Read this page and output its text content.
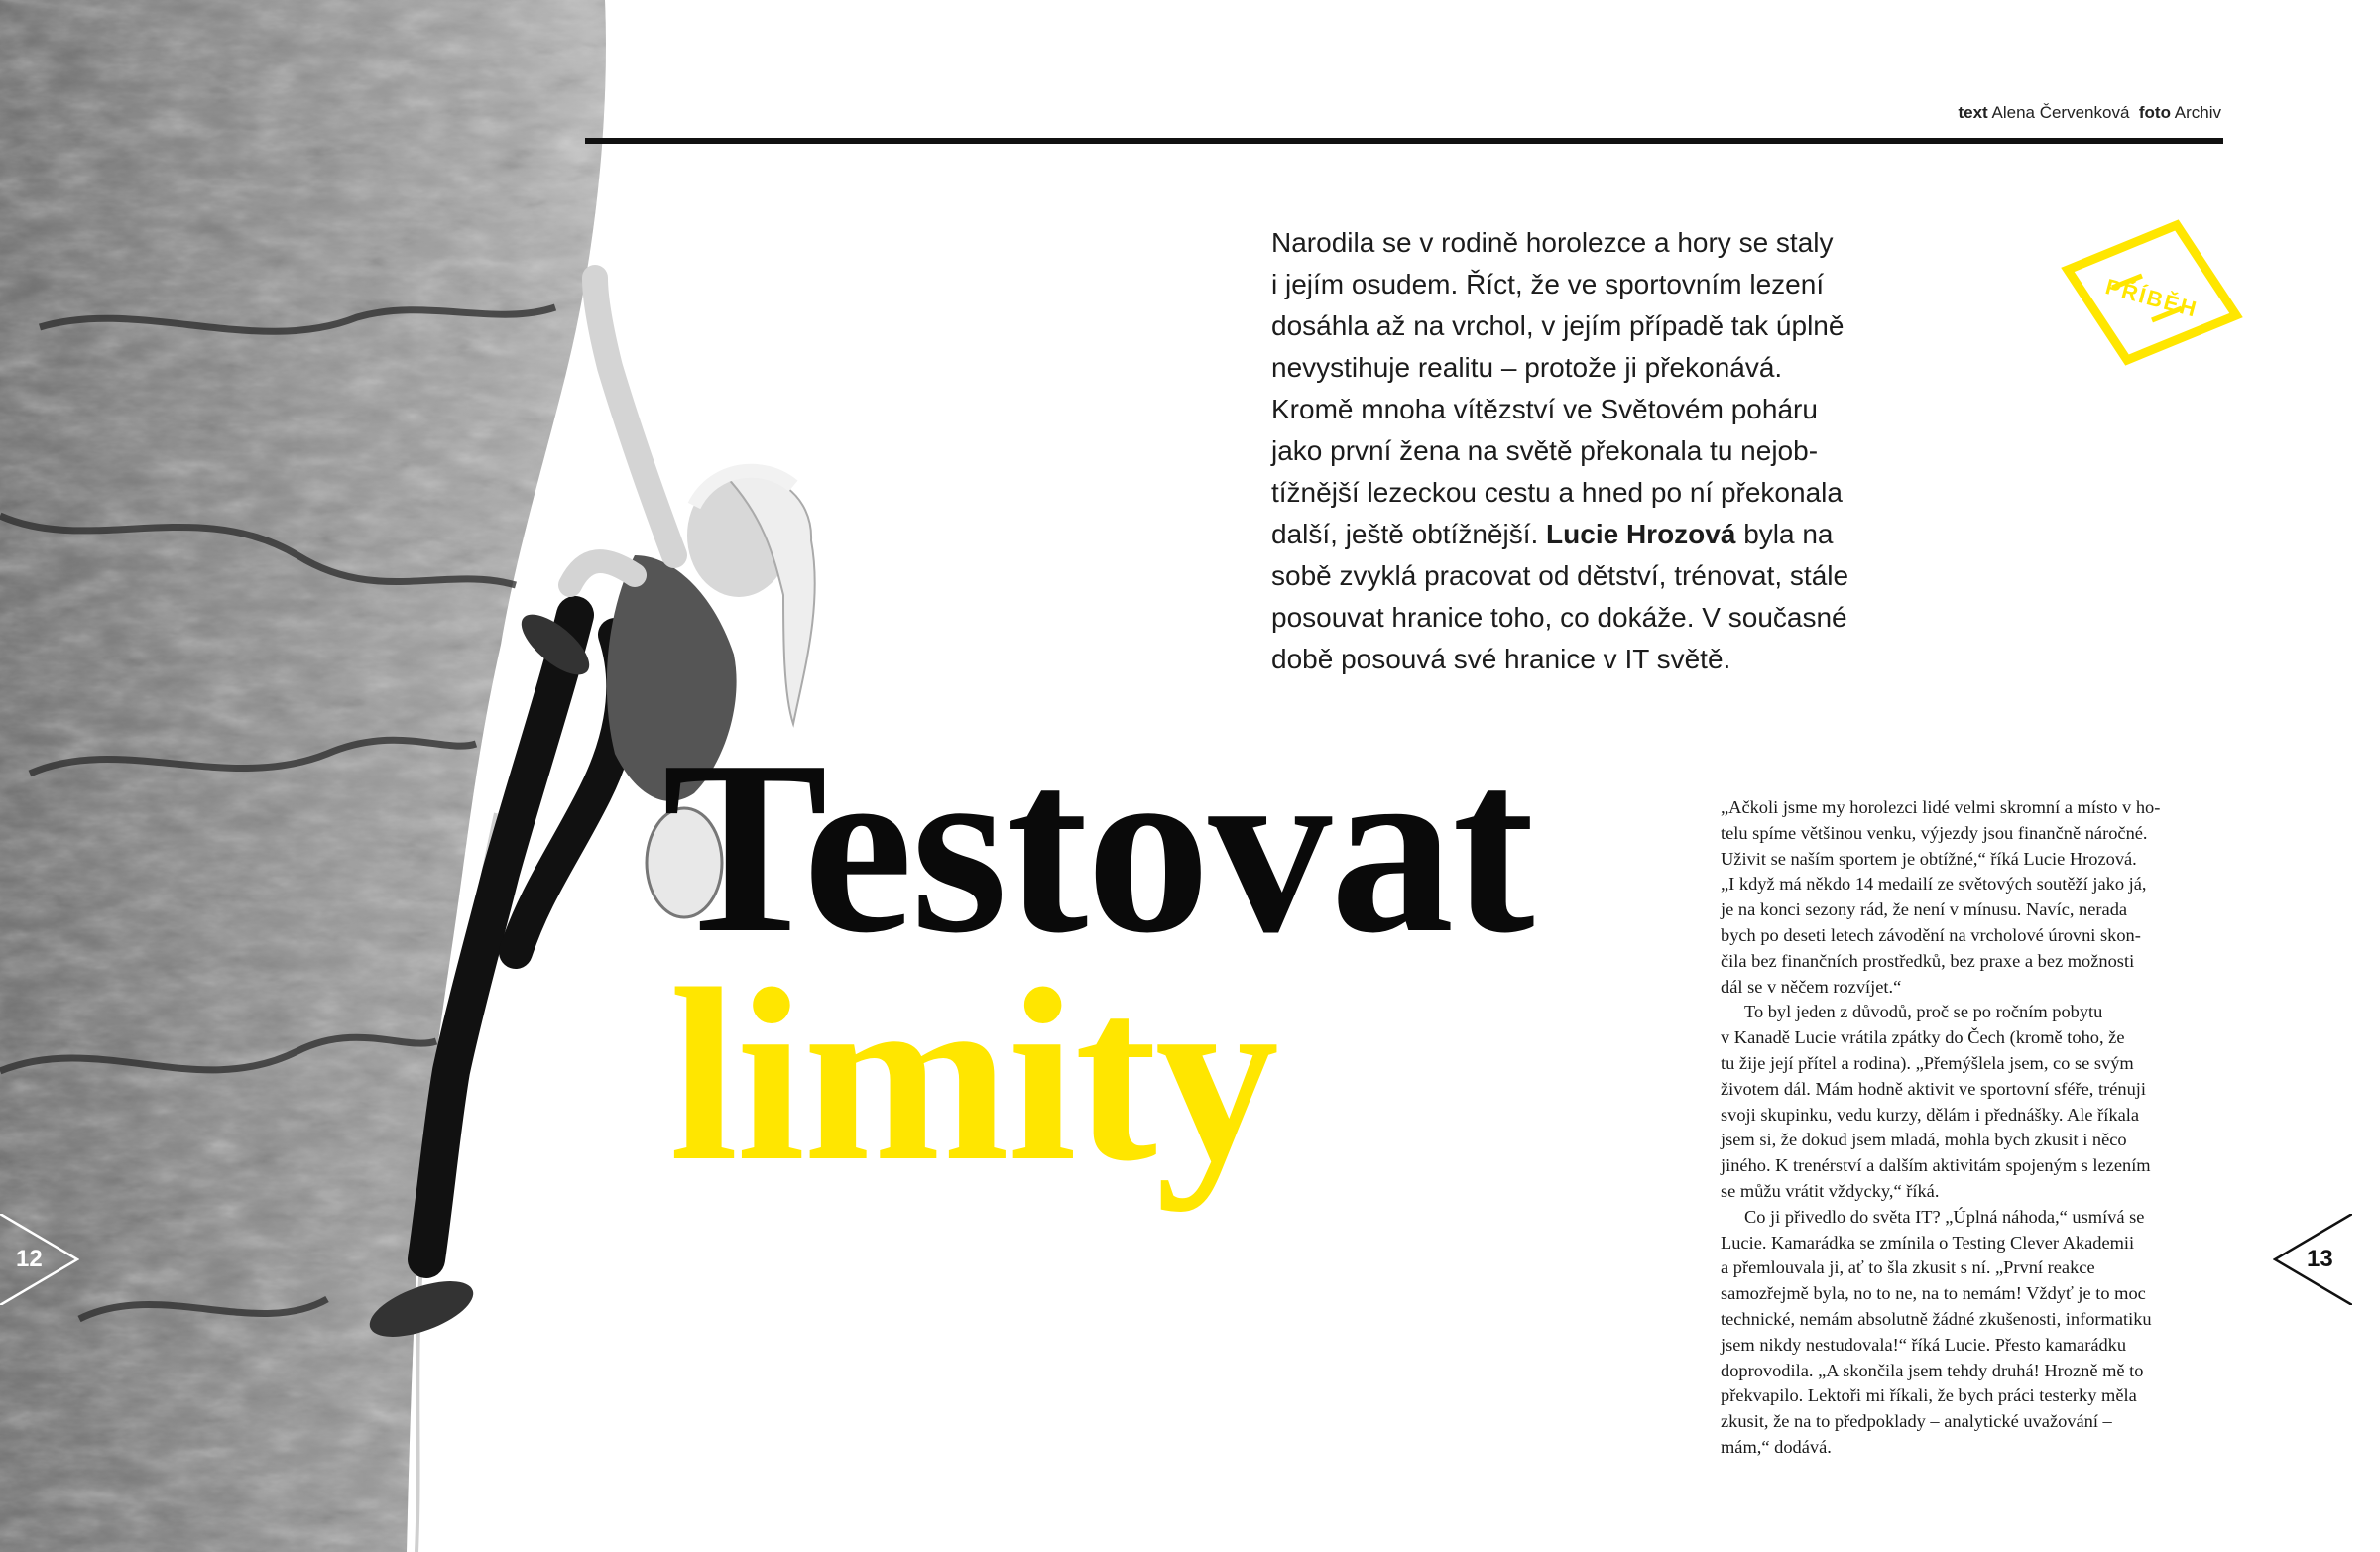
text Alena Červenková foto Archiv
Narodila se v rodině horolezce a hory se staly
i jejím osudem. Říct, že ve sportovním lezení
dosáhla až na vrchol, v jejím případě tak úplně
nevystihuje realitu – protože ji překonává.
Kromě mnoha vítězství ve Světovém poháru
jako první žena na světě překonala tu nejob-
tížnější lezeckou cestu a hned po ní překonala
další, ještě obtížnější. Lucie Hrozová byla na
sobě zvyklá pracovat od dětství, trénovat, stále
posouvat hranice toho, co dokáže. V současné
době posouvá své hranice v IT světě.
PŘÍBĚH
Testovat
limity
„Ačkoli jsme my horolezci lidé velmi skromní a místo v ho-
telu spíme většinou venku, výjezdy jsou finančně náročné.
Uživit se naším sportem je obtížné,“ říká Lucie Hrozová.
„I když má někdo 14 medailí ze světových soutěží jako já,
je na konci sezony rád, že není v mínusu. Navíc, nerada
bych po deseti letech závodění na vrcholové úrovni skon-
čila bez finančních prostředků, bez praxe a bez možnosti
dál se v něčem rozvíjet.“
To byl jeden z důvodů, proč se po ročním pobytu
v Kanadě Lucie vrátila zpátky do Čech (kromě toho, že
tu žije její přítel a rodina). „Přemýšlela jsem, co se svým
životem dál. Mám hodně aktivit ve sportovní sféře, trénuji
svoji skupinku, vedu kurzy, dělám i přednášky. Ale říkala
jsem si, že dokud jsem mladá, mohla bych zkusit i něco
jiného. K trenérství a dalším aktivitám spojeným s lezením
se můžu vrátit vždycky,“ říká.
Co ji přivedlo do světa IT? „Úplná náhoda,“ usmívá se
Lucie. Kamarádka se zmínila o Testing Clever Akademii
a přemlouvala ji, ať to šla zkusit s ní. „První reakce
samozřejmě byla, no to ne, na to nemám! Vždyť je to moc
technické, nemám absolutně žádné zkušenosti, informatiku
jsem nikdy nestudovala!“ říká Lucie. Přesto kamarádku
doprovodila. „A skončila jsem tehdy druhá! Hrozně mě to
překvapilo. Lektoři mi říkali, že bych práci testerky měla
zkusit, že na to předpoklady – analytické uvažování –
mám,“ dodává.
12	13
